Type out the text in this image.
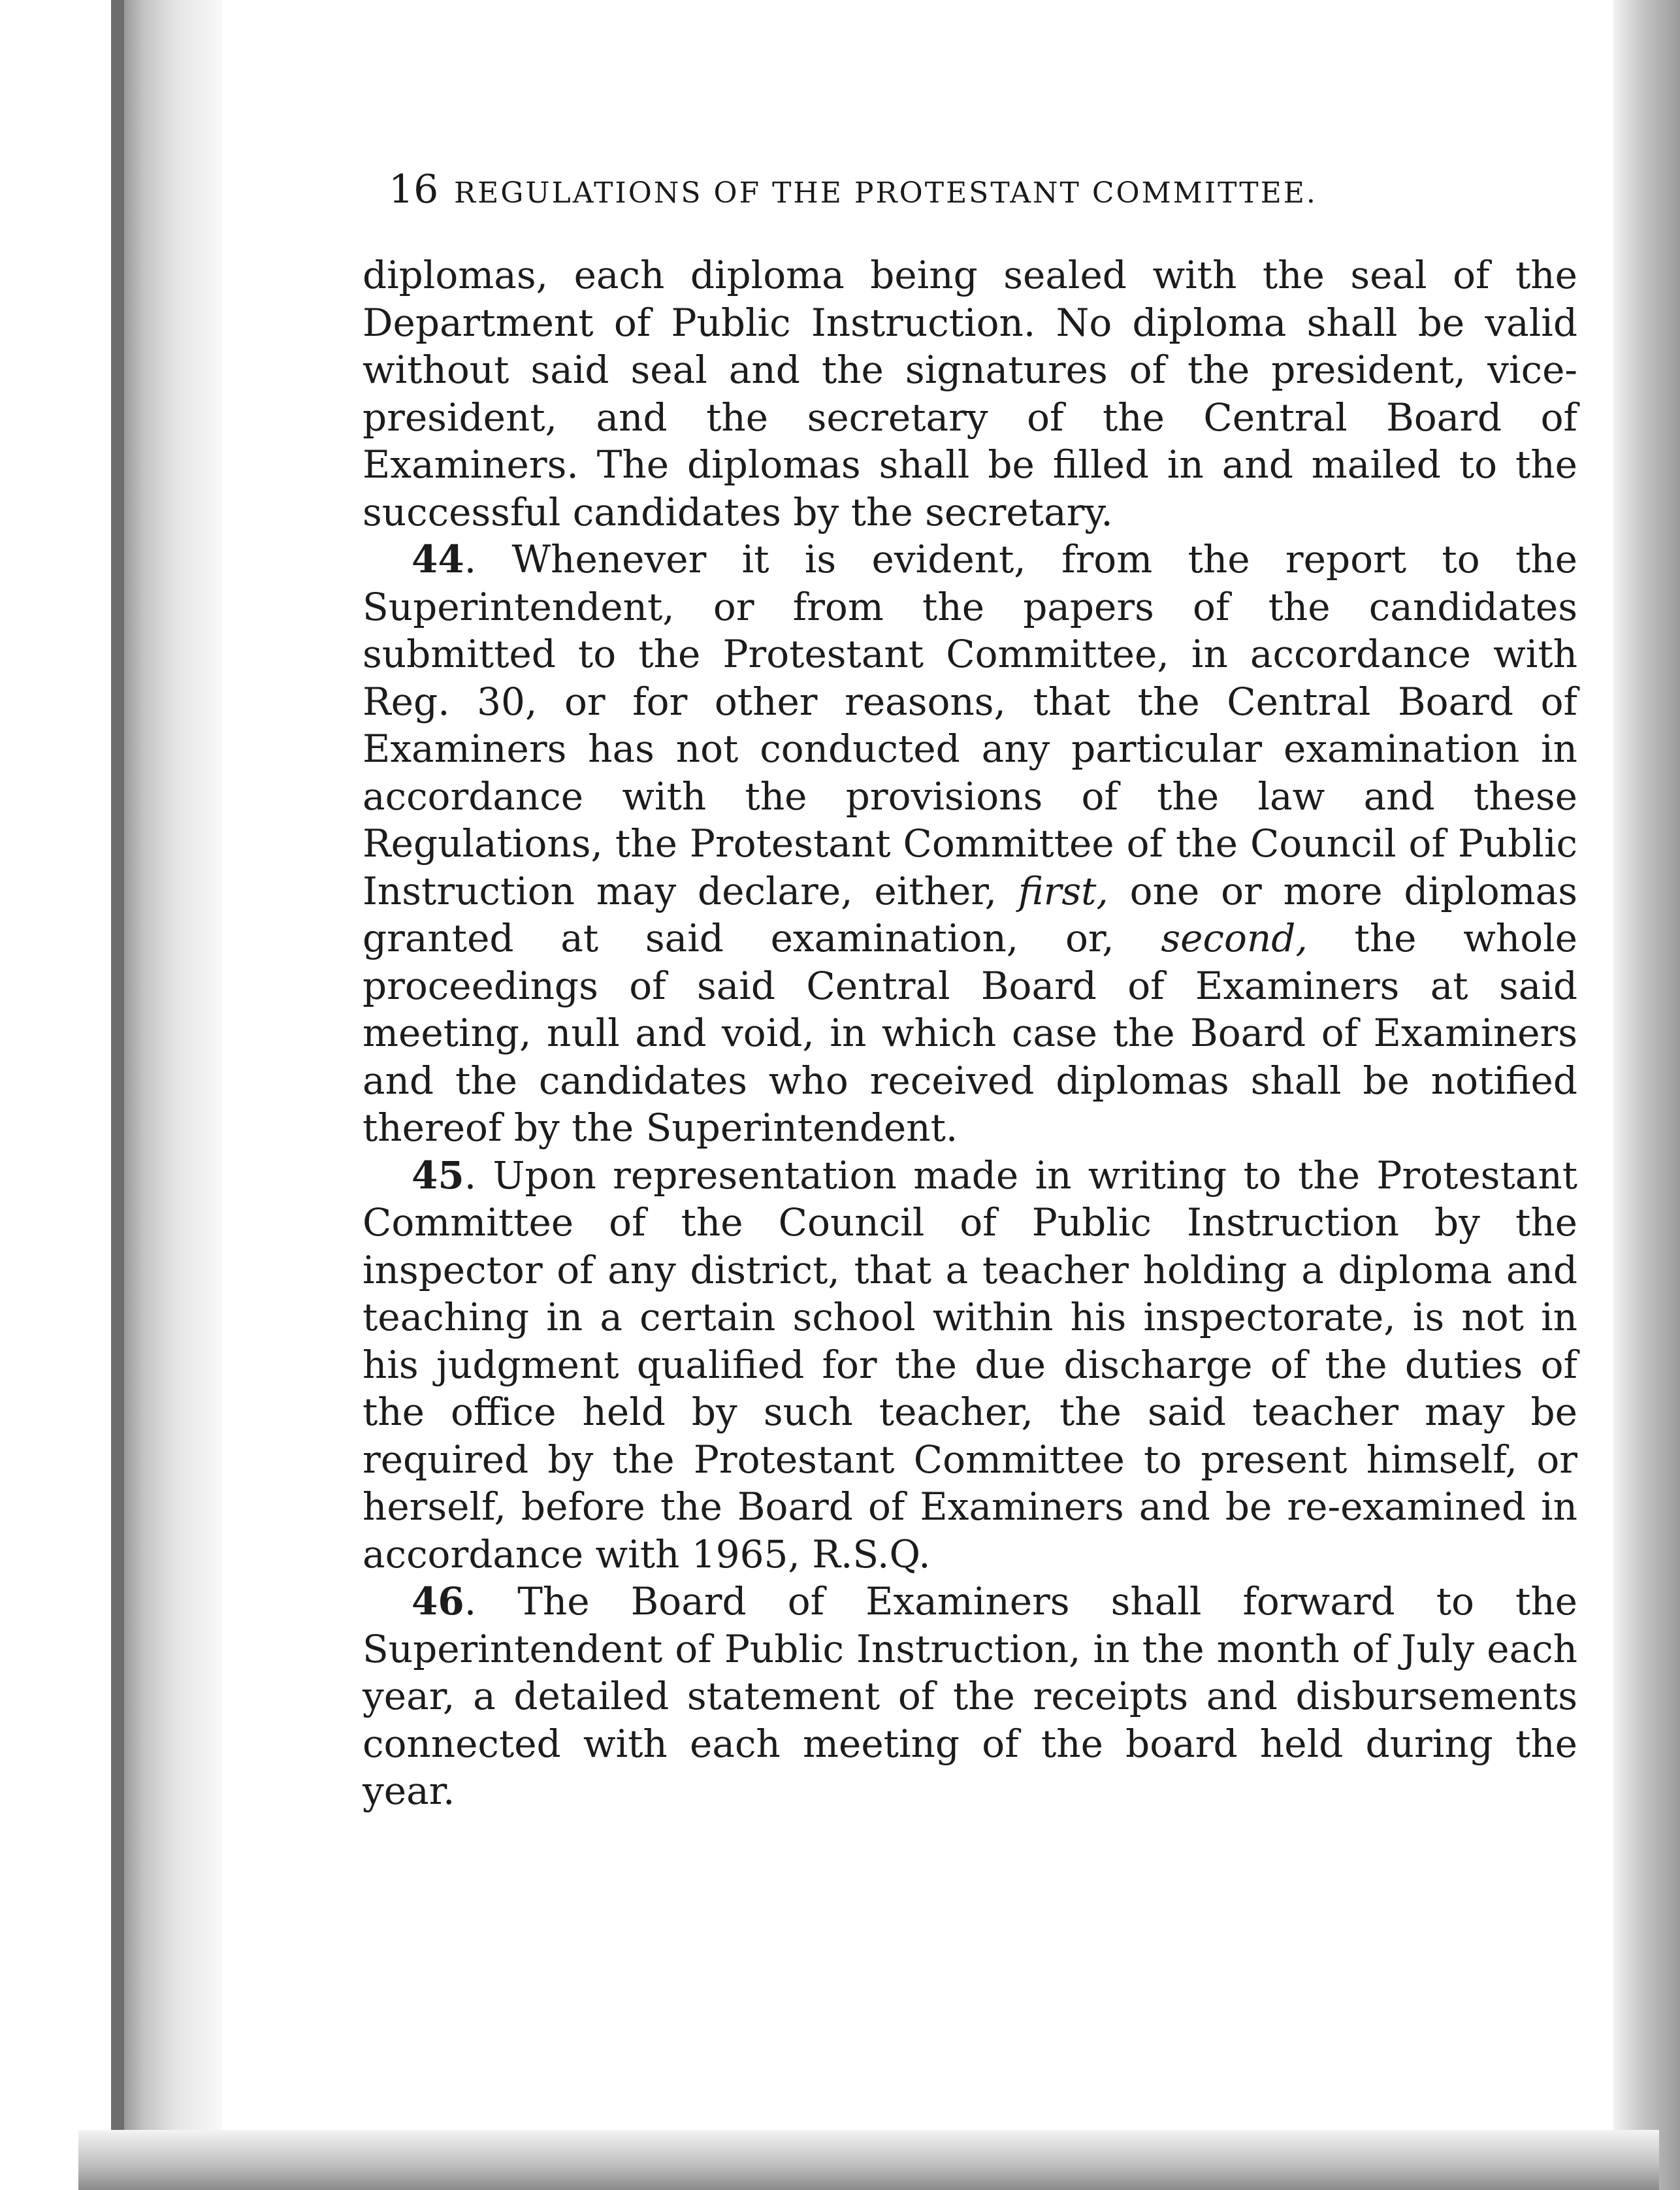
16 REGULATIONS OF THE PROTESTANT COMMITTEE.

diplomas, each diploma being sealed with the seal of the Department of Public Instruction. No diploma shall be valid without said seal and the signatures of the president, vice-president, and the secretary of the Central Board of Examiners. The diplomas shall be filled in and mailed to the successful candidates by the secretary.

44. Whenever it is evident, from the report to the Superintendent, or from the papers of the candidates submitted to the Protestant Committee, in accordance with Reg. 30, or for other reasons, that the Central Board of Examiners has not conducted any particular examination in accordance with the provisions of the law and these Regulations, the Protestant Committee of the Council of Public Instruction may declare, either, first, one or more diplomas granted at said examination, or, second, the whole proceedings of said Central Board of Examiners at said meeting, null and void, in which case the Board of Examiners and the candidates who received diplomas shall be notified thereof by the Superintendent.

45. Upon representation made in writing to the Protestant Committee of the Council of Public Instruction by the inspector of any district, that a teacher holding a diploma and teaching in a certain school within his inspectorate, is not in his judgment qualified for the due discharge of the duties of the office held by such teacher, the said teacher may be required by the Protestant Committee to present himself, or herself, before the Board of Examiners and be re-examined in accordance with 1965, R.S.Q.

46. The Board of Examiners shall forward to the Superintendent of Public Instruction, in the month of July each year, a detailed statement of the receipts and disbursements connected with each meeting of the board held during the year.
